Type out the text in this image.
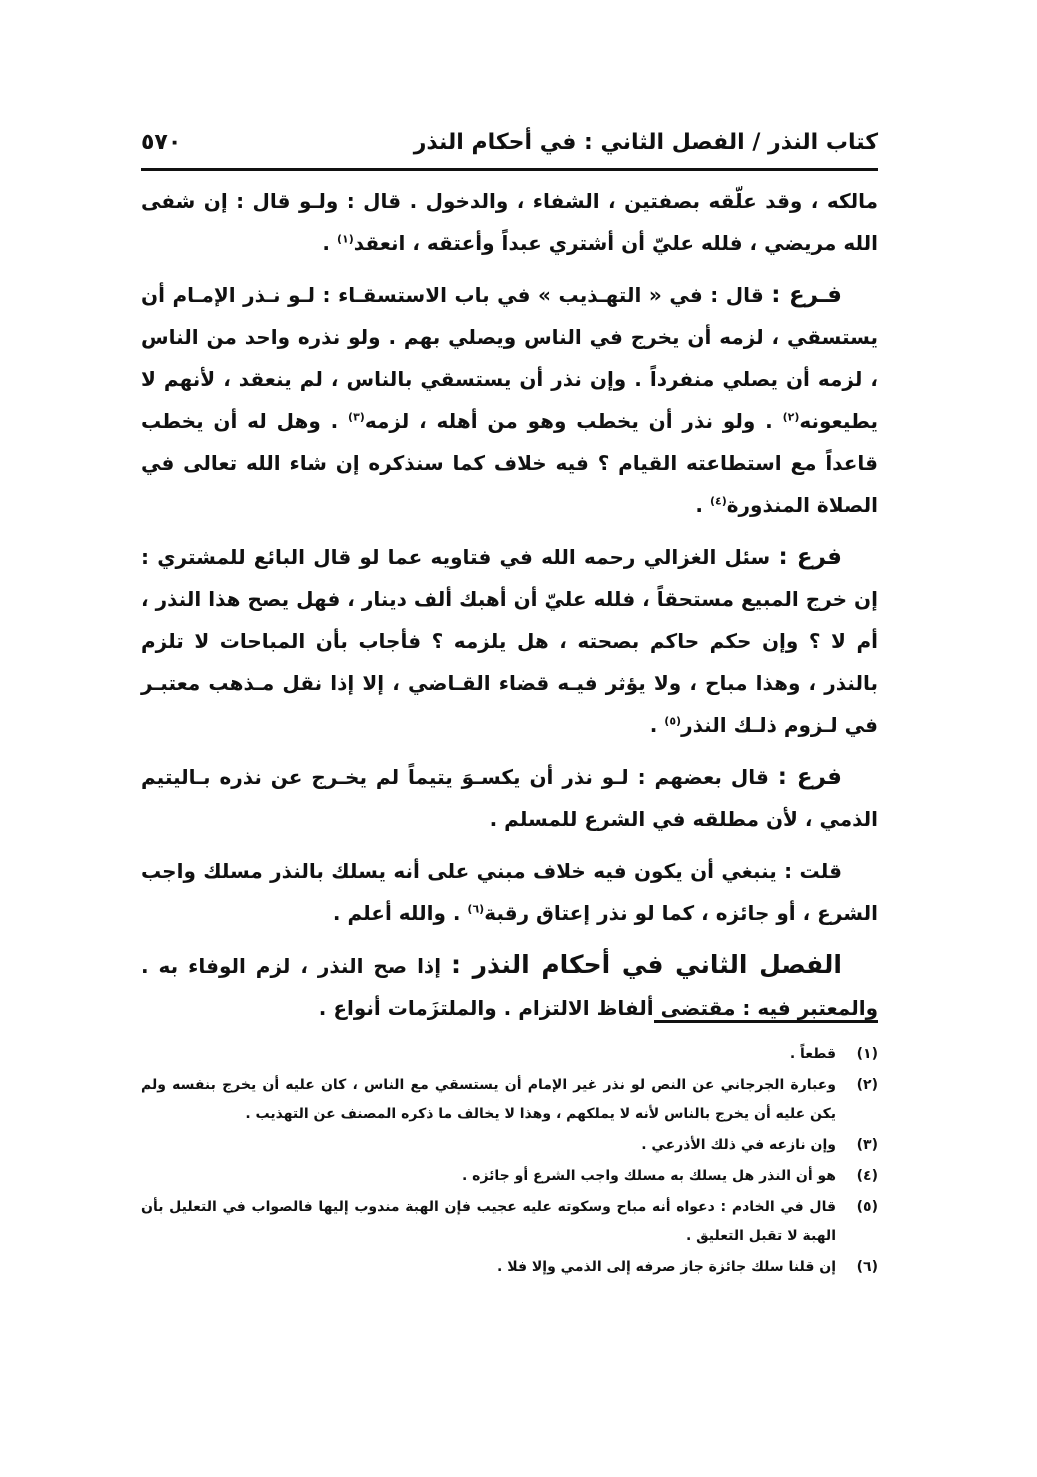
كتاب النذر / الفصل الثاني : في أحكام النذر
٥٧٠

مالكه ، وقد علّقه بصفتين ، الشفاء ، والدخول . قال : ولـو قال : إن شفى الله مريضي ، فلله عليّ أن أشتري عبداً وأعتقه ، انعقد$^{(١)}$ .

فـرع : قال : في « التهـذيب » في باب الاستسقـاء : لـو نـذر الإمـام أن يستسقي ، لزمه أن يخرج في الناس ويصلي بهم . ولو نذره واحد من الناس ، لزمه أن يصلي منفرداً . وإن نذر أن يستسقي بالناس ، لم ينعقد ، لأنهم لا يطيعونه$^{(٢)}$ . ولو نذر أن يخطب وهو من أهله ، لزمه$^{(٣)}$ . وهل له أن يخطب قاعداً مع استطاعته القيام ؟ فيه خلاف كما سنذكره إن شاء الله تعالى في الصلاة المنذورة$^{(٤)}$ .

فرع : سئل الغزالي رحمه الله في فتاويه عما لو قال البائع للمشتري : إن خرج المبيع مستحقاً ، فلله عليّ أن أهبك ألف دينار ، فهل يصح هذا النذر ، أم لا ؟ وإن حكم حاكم بصحته ، هل يلزمه ؟ فأجاب بأن المباحات لا تلزم بالنذر ، وهذا مباح ، ولا يؤثر فيـه قضاء القـاضي ، إلا إذا نقل مـذهب معتبـر في لـزوم ذلـك النذر$^{(٥)}$ .

فرع : قال بعضهم : لـو نذر أن يكسـوَ يتيماً لم يخـرج عن نذره بـاليتيم الذمي ، لأن مطلقه في الشرع للمسلم .

قلت : ينبغي أن يكون فيه خلاف مبني على أنه يسلك بالنذر مسلك واجب الشرع ، أو جائزه ، كما لو نذر إعتاق رقبة$^{(٦)}$ . والله أعلم .

الفصل الثاني في أحكام النذر : إذا صح النذر ، لزم الوفاء به . والمعتبر فيه : مقتضى ألفاظ الالتزام . والملتزَمات أنواع .

(١)
قطعاً .
(٢)
وعبارة الجرجاني عن النص لو نذر غير الإمام أن يستسقي مع الناس ، كان عليه أن يخرج بنفسه ولم يكن عليه أن يخرج بالناس لأنه لا يملكهم ، وهذا لا يخالف ما ذكره المصنف عن التهذيب .
(٣)
وإن نازعه في ذلك الأذرعي .
(٤)
هو أن النذر هل يسلك به مسلك واجب الشرع أو جائزه .
(٥)
قال في الخادم : دعواه أنه مباح وسكوته عليه عجيب فإن الهبة مندوب إليها فالصواب في التعليل بأن الهبة لا تقبل التعليق .
(٦)
إن قلنا سلك جائزة جاز صرفه إلى الذمي وإلا فلا .
